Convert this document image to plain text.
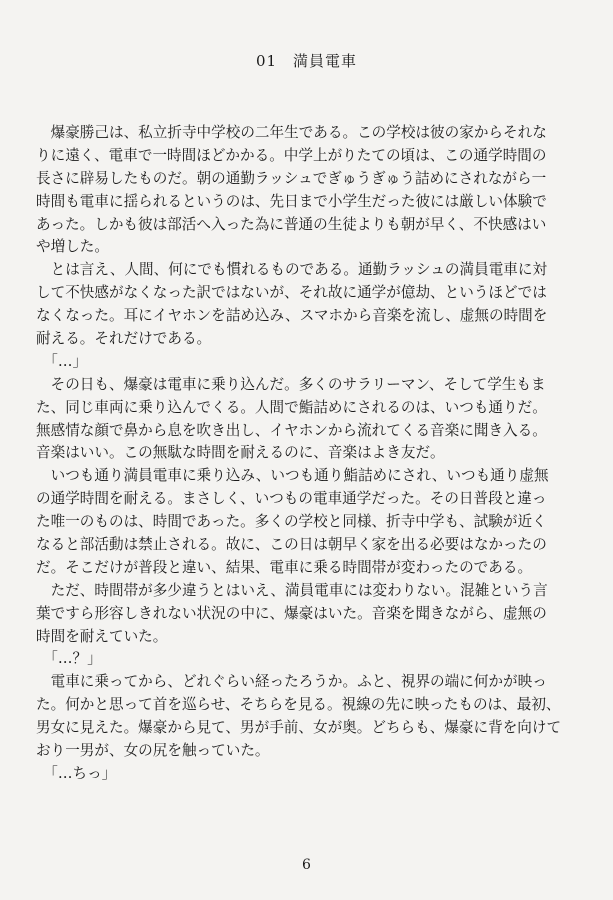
01　満員電車
　爆豪勝己は、私立折寺中学校の二年生である。この学校は彼の家からそれな
りに遠く、電車で一時間ほどかかる。中学上がりたての頃は、この通学時間の
長さに辟易したものだ。朝の通勤ラッシュでぎゅうぎゅう詰めにされながら一
時間も電車に揺られるというのは、先日まで小学生だった彼には厳しい体験で
あった。しかも彼は部活へ入った為に普通の生徒よりも朝が早く、不快感はい
や増した。
　とは言え、人間、何にでも慣れるものである。通勤ラッシュの満員電車に対
して不快感がなくなった訳ではないが、それ故に通学が億劫、というほどでは
なくなった。耳にイヤホンを詰め込み、スマホから音楽を流し、虚無の時間を
耐える。それだけである。
　「…」
　その日も、爆豪は電車に乗り込んだ。多くのサラリーマン、そして学生もま
た、同じ車両に乗り込んでくる。人間で鮨詰めにされるのは、いつも通りだ。
無感情な顔で鼻から息を吹き出し、イヤホンから流れてくる音楽に聞き入る。
音楽はいい。この無駄な時間を耐えるのに、音楽はよき友だ。
　いつも通り満員電車に乗り込み、いつも通り鮨詰めにされ、いつも通り虚無
の通学時間を耐える。まさしく、いつもの電車通学だった。その日普段と違っ
た唯一のものは、時間であった。多くの学校と同様、折寺中学も、試験が近く
なると部活動は禁止される。故に、この日は朝早く家を出る必要はなかったの
だ。そこだけが普段と違い、結果、電車に乗る時間帯が変わったのである。
　ただ、時間帯が多少違うとはいえ、満員電車には変わりない。混雑という言
葉ですら形容しきれない状況の中に、爆豪はいた。音楽を聞きながら、虚無の
時間を耐えていた。
　「…？」
　電車に乗ってから、どれぐらい経ったろうか。ふと、視界の端に何かが映っ
た。何かと思って首を巡らせ、そちらを見る。視線の先に映ったものは、最初、
男女に見えた。爆豪から見て、男が手前、女が奥。どちらも、爆豪に背を向けて
おり一男が、女の尻を触っていた。
　「…ちっ」
6
